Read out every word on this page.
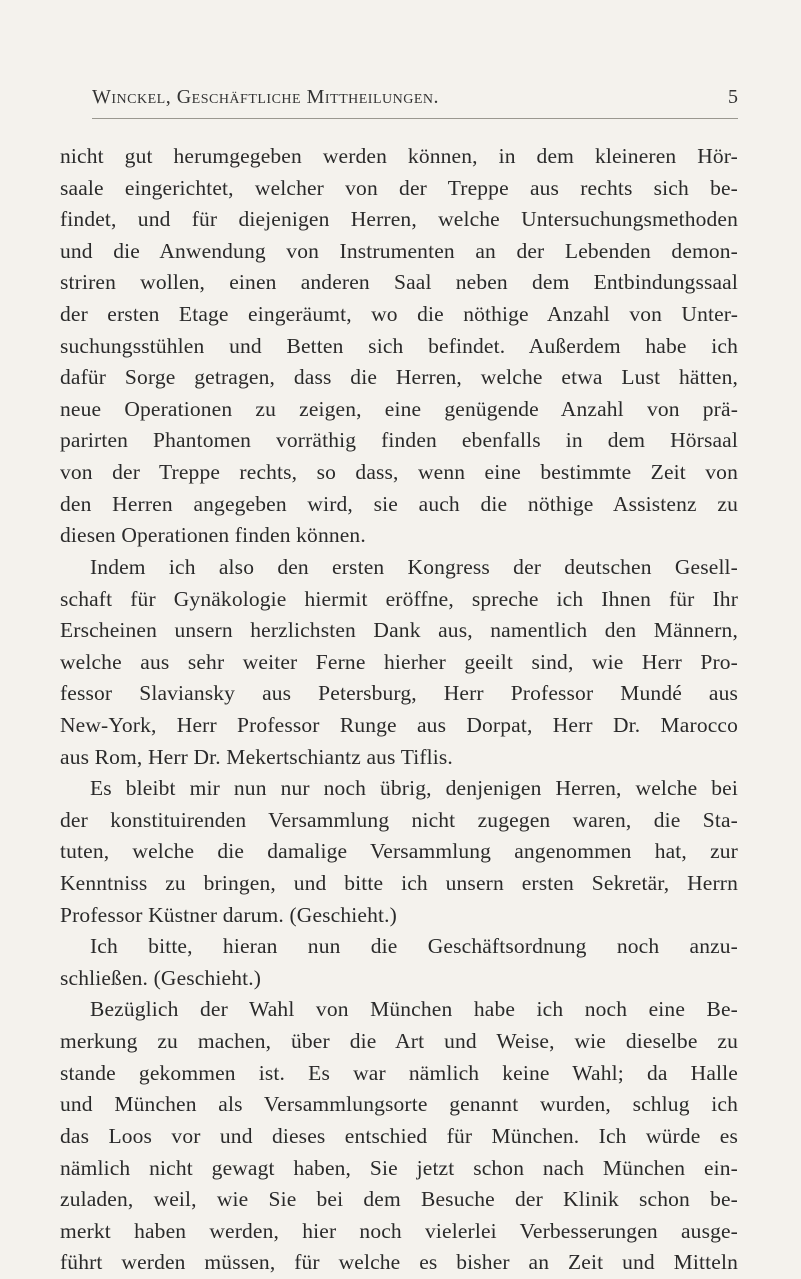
Winckel, Geschäftliche Mittheilungen.	5
nicht gut herumgegeben werden können, in dem kleineren Hör-
saale eingerichtet, welcher von der Treppe aus rechts sich be-
findet, und für diejenigen Herren, welche Untersuchungsmethoden
und die Anwendung von Instrumenten an der Lebenden demon-
striren wollen, einen anderen Saal neben dem Entbindungssaal
der ersten Etage eingeräumt, wo die nöthige Anzahl von Unter-
suchungsstühlen und Betten sich befindet. Außerdem habe ich
dafür Sorge getragen, dass die Herren, welche etwa Lust hätten,
neue Operationen zu zeigen, eine genügende Anzahl von prä-
parirten Phantomen vorräthig finden ebenfalls in dem Hörsaal
von der Treppe rechts, so dass, wenn eine bestimmte Zeit von
den Herren angegeben wird, sie auch die nöthige Assistenz zu
diesen Operationen finden können.
Indem ich also den ersten Kongress der deutschen Gesell-
schaft für Gynäkologie hiermit eröffne, spreche ich Ihnen für Ihr
Erscheinen unsern herzlichsten Dank aus, namentlich den Männern,
welche aus sehr weiter Ferne hierher geeilt sind, wie Herr Pro-
fessor Slaviansky aus Petersburg, Herr Professor Mundé aus
New-York, Herr Professor Runge aus Dorpat, Herr Dr. Marocco
aus Rom, Herr Dr. Mekertschiantz aus Tiflis.
Es bleibt mir nun nur noch übrig, denjenigen Herren, welche bei
der konstituirenden Versammlung nicht zugegen waren, die Sta-
tuten, welche die damalige Versammlung angenommen hat, zur
Kenntniss zu bringen, und bitte ich unsern ersten Sekretär, Herrn
Professor Küstner darum. (Geschieht.)
Ich bitte, hieran nun die Geschäftsordnung noch anzu-
schließen. (Geschieht.)
Bezüglich der Wahl von München habe ich noch eine Be-
merkung zu machen, über die Art und Weise, wie dieselbe zu
stande gekommen ist. Es war nämlich keine Wahl; da Halle
und München als Versammlungsorte genannt wurden, schlug ich
das Loos vor und dieses entschied für München. Ich würde es
nämlich nicht gewagt haben, Sie jetzt schon nach München ein-
zuladen, weil, wie Sie bei dem Besuche der Klinik schon be-
merkt haben werden, hier noch vielerlei Verbesserungen ausge-
führt werden müssen, für welche es bisher an Zeit und Mitteln
